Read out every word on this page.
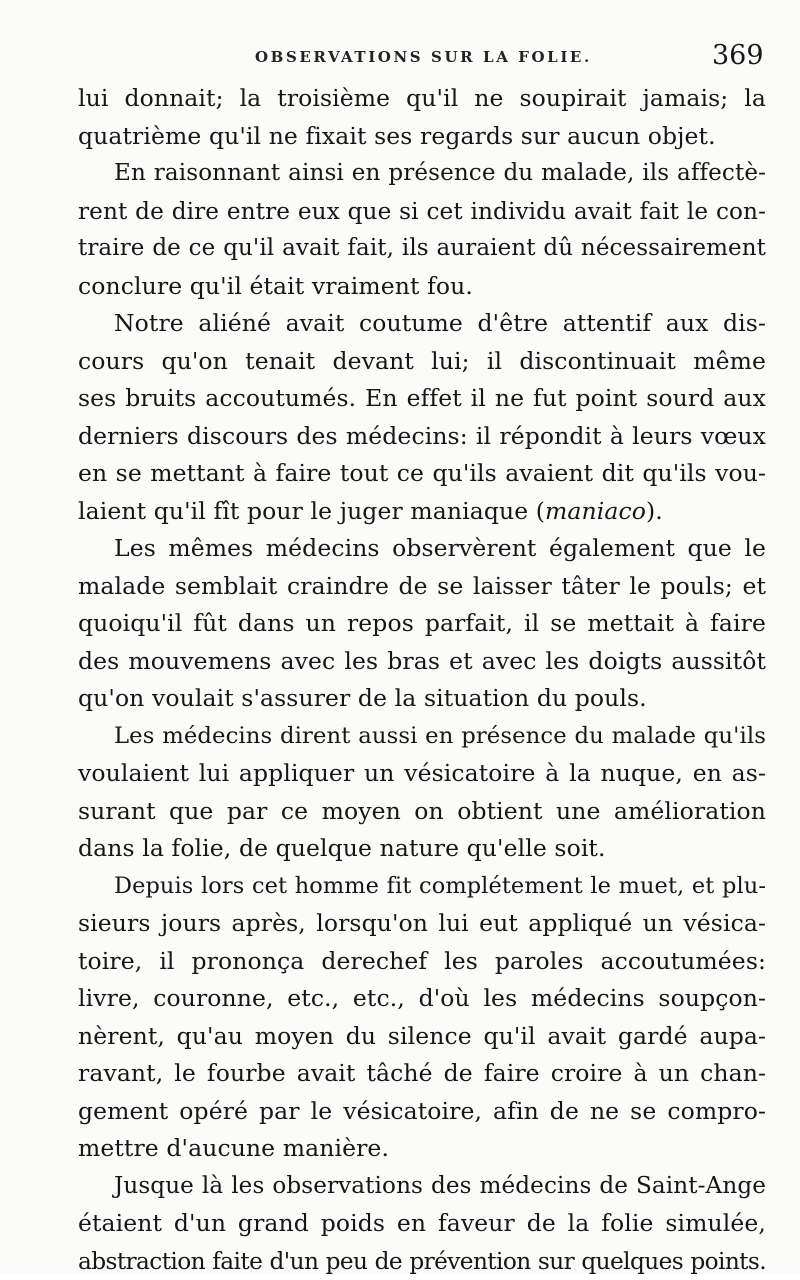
OBSERVATIONS SUR LA FOLIE.	369
lui donnait; la troisième qu'il ne soupirait jamais; la
quatrième qu'il ne fixait ses regards sur aucun objet.
En raisonnant ainsi en présence du malade, ils affectè-
rent de dire entre eux que si cet individu avait fait le con-
traire de ce qu'il avait fait, ils auraient dû nécessairement
conclure qu'il était vraiment fou.
Notre aliéné avait coutume d'être attentif aux dis-
cours qu'on tenait devant lui; il discontinuait même
ses bruits accoutumés. En effet il ne fut point sourd aux
derniers discours des médecins: il répondit à leurs vœux
en se mettant à faire tout ce qu'ils avaient dit qu'ils vou-
laient qu'il fît pour le juger maniaque (maniaco).
Les mêmes médecins observèrent également que le
malade semblait craindre de se laisser tâter le pouls; et
quoiqu'il fût dans un repos parfait, il se mettait à faire
des mouvemens avec les bras et avec les doigts aussitôt
qu'on voulait s'assurer de la situation du pouls.
Les médecins dirent aussi en présence du malade qu'ils
voulaient lui appliquer un vésicatoire à la nuque, en as-
surant que par ce moyen on obtient une amélioration
dans la folie, de quelque nature qu'elle soit.
Depuis lors cet homme fit complétement le muet, et plu-
sieurs jours après, lorsqu'on lui eut appliqué un vésica-
toire, il prononça derechef les paroles accoutumées:
livre, couronne, etc., etc., d'où les médecins soupçon-
nèrent, qu'au moyen du silence qu'il avait gardé aupa-
ravant, le fourbe avait tâché de faire croire à un chan-
gement opéré par le vésicatoire, afin de ne se compro-
mettre d'aucune manière.
Jusque là les observations des médecins de Saint-Ange
étaient d'un grand poids en faveur de la folie simulée,
abstraction faite d'un peu de prévention sur quelques points.
